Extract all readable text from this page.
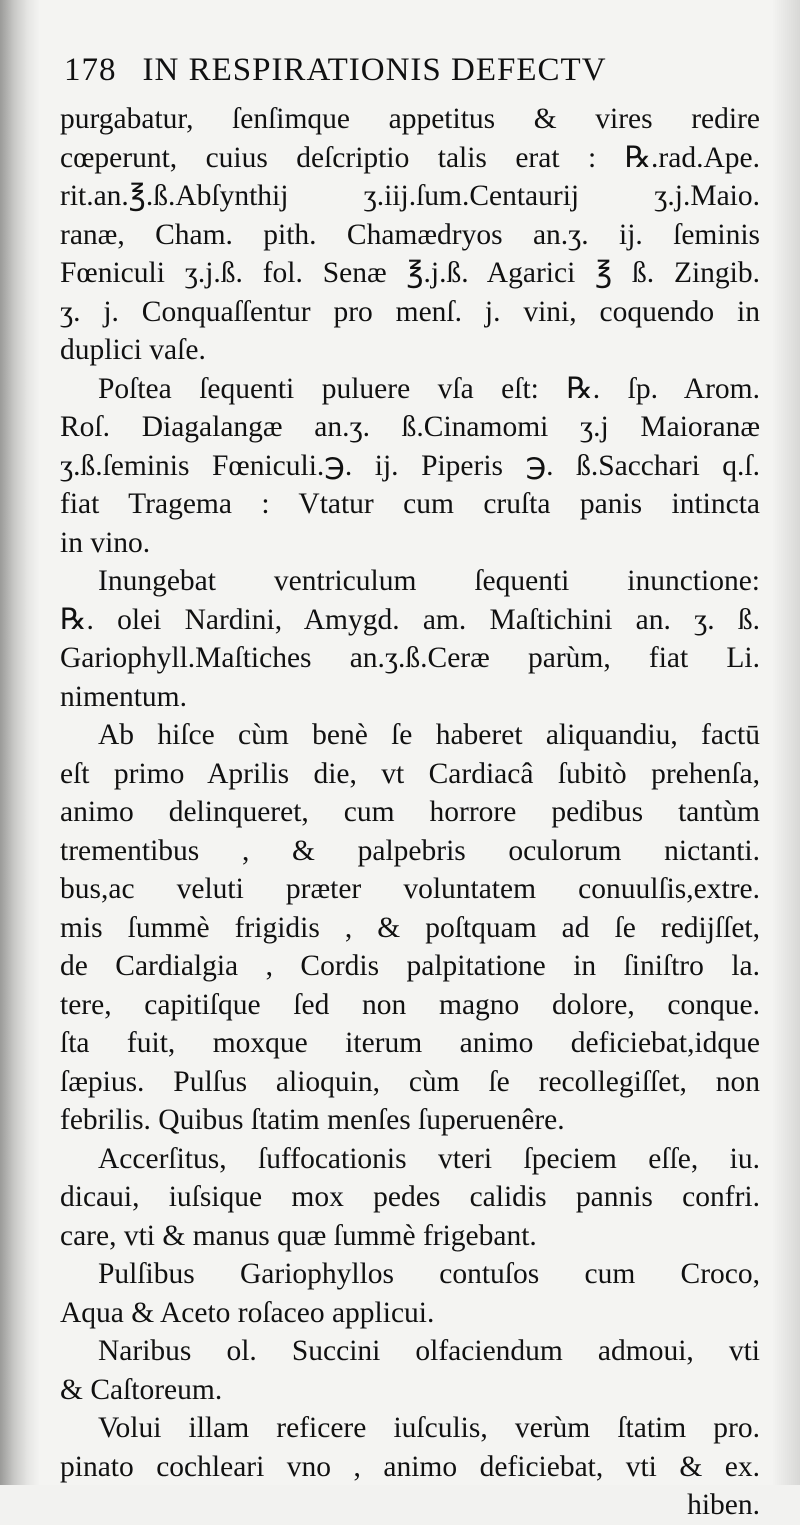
178 IN RESPIRATIONIS DEFECTV
purgabatur, ſenſimque appetitus & vires redire
cœperunt, cuius deſcriptio talis erat : ℞.rad.Ape.
rit.an.℥.ß.Abſynthij ʒ.iij.ſum.Centaurij ʒ.j.Maio.
ranæ, Cham. pith. Chamædryos an.ʒ. ij. ſeminis
Fœniculi ʒ.j.ß. fol. Senæ ℥.j.ß. Agarici ℥ ß. Zingib.
ʒ. j. Conquaſſentur pro menſ. j. vini, coquendo in
duplici vaſe.
Poſtea ſequenti puluere vſa eſt: ℞. ſp. Arom.
Roſ. Diagalangæ an.ʒ. ß.Cinamomi ʒ.j Maioranæ
ʒ.ß.ſeminis Fœniculi.℈. ij. Piperis ℈. ß.Sacchari q.ſ.
fiat Tragema : Vtatur cum cruſta panis intincta
in vino.
Inungebat ventriculum ſequenti inunctione:
℞. olei Nardini, Amygd. am. Maſtichini an. ʒ. ß.
Gariophyll.Maſtiches an.ʒ.ß.Ceræ parùm, fiat Li.
nimentum.
Ab hiſce cùm benè ſe haberet aliquandiu, factū
eſt primo Aprilis die, vt Cardiacâ ſubitò prehenſa,
animo delinqueret, cum horrore pedibus tantùm
trementibus , & palpebris oculorum nictanti.
bus,ac veluti præter voluntatem conuulſis,extre.
mis ſummè frigidis , & poſtquam ad ſe redijſſet,
de Cardialgia , Cordis palpitatione in ſiniſtro la.
tere, capitiſque ſed non magno dolore, conque.
ſta fuit, moxque iterum animo deficiebat,idque
ſæpius. Pulſus alioquin, cùm ſe recollegiſſet, non
febrilis. Quibus ſtatim menſes ſuperuenêre.
Accerſitus, ſuffocationis vteri ſpeciem eſſe, iu.
dicaui, iuſsique mox pedes calidis pannis confri.
care, vti & manus quæ ſummè frigebant.
Pulſibus Gariophyllos contuſos cum Croco,
Aqua & Aceto roſaceo applicui.
Naribus ol. Succini olfaciendum admoui, vti
& Caſtoreum.
Volui illam reficere iuſculis, verùm ſtatim pro.
pinato cochleari vno , animo deficiebat, vti & ex.
hiben.
